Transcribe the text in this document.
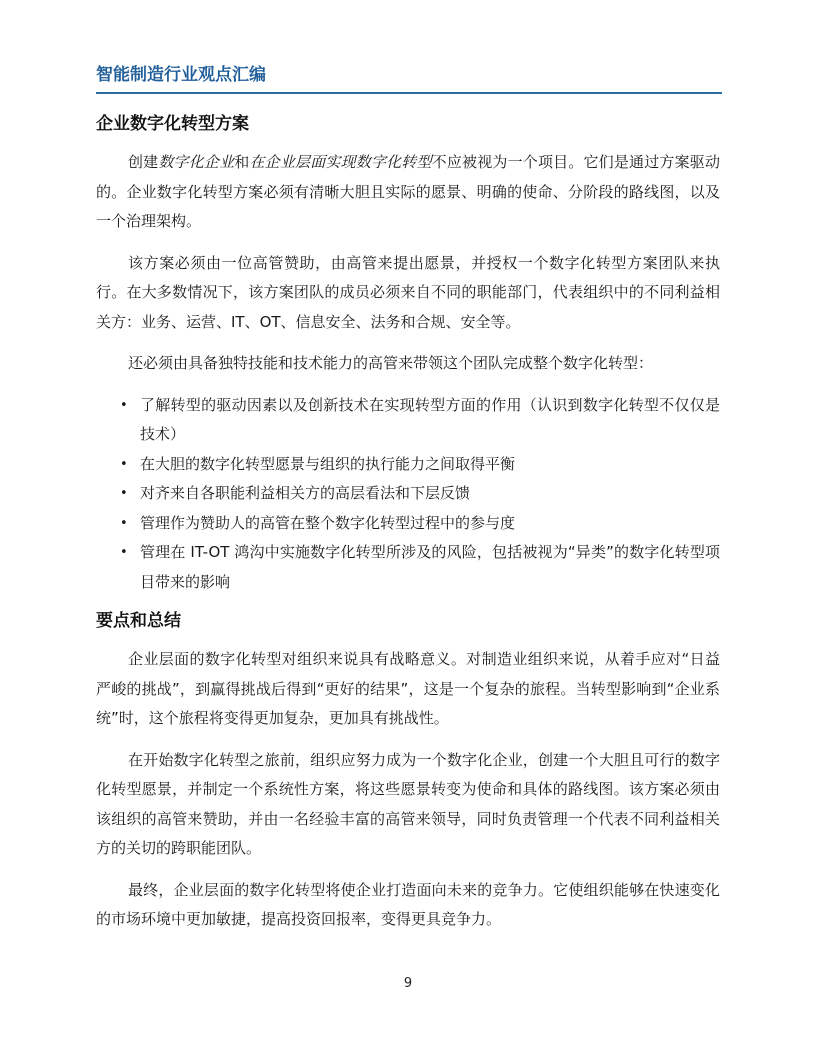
智能制造行业观点汇编
企业数字化转型方案

创建数字化企业和在企业层面实现数字化转型不应被视为一个项目。它们是通过方案驱动的。企业数字化转型方案必须有清晰大胆且实际的愿景、明确的使命、分阶段的路线图，以及一个治理架构。

该方案必须由一位高管赞助，由高管来提出愿景，并授权一个数字化转型方案团队来执行。在大多数情况下，该方案团队的成员必须来自不同的职能部门，代表组织中的不同利益相关方：业务、运营、IT、OT、信息安全、法务和合规、安全等。

还必须由具备独特技能和技术能力的高管来带领这个团队完成整个数字化转型：

• 了解转型的驱动因素以及创新技术在实现转型方面的作用（认识到数字化转型不仅仅是技术）
• 在大胆的数字化转型愿景与组织的执行能力之间取得平衡
• 对齐来自各职能利益相关方的高层看法和下层反馈
• 管理作为赞助人的高管在整个数字化转型过程中的参与度
• 管理在 IT-OT 鸿沟中实施数字化转型所涉及的风险，包括被视为“异类”的数字化转型项目带来的影响
要点和总结

企业层面的数字化转型对组织来说具有战略意义。对制造业组织来说，从着手应对“日益严峻的挑战”，到赢得挑战后得到“更好的结果”，这是一个复杂的旅程。当转型影响到“企业系统”时，这个旅程将变得更加复杂，更加具有挑战性。

在开始数字化转型之旅前，组织应努力成为一个数字化企业，创建一个大胆且可行的数字化转型愿景，并制定一个系统性方案，将这些愿景转变为使命和具体的路线图。该方案必须由该组织的高管来赞助，并由一名经验丰富的高管来领导，同时负责管理一个代表不同利益相关方的关切的跨职能团队。

最终，企业层面的数字化转型将使企业打造面向未来的竞争力。它使组织能够在快速变化的市场环境中更加敏捷，提高投资回报率，变得更具竞争力。

9
